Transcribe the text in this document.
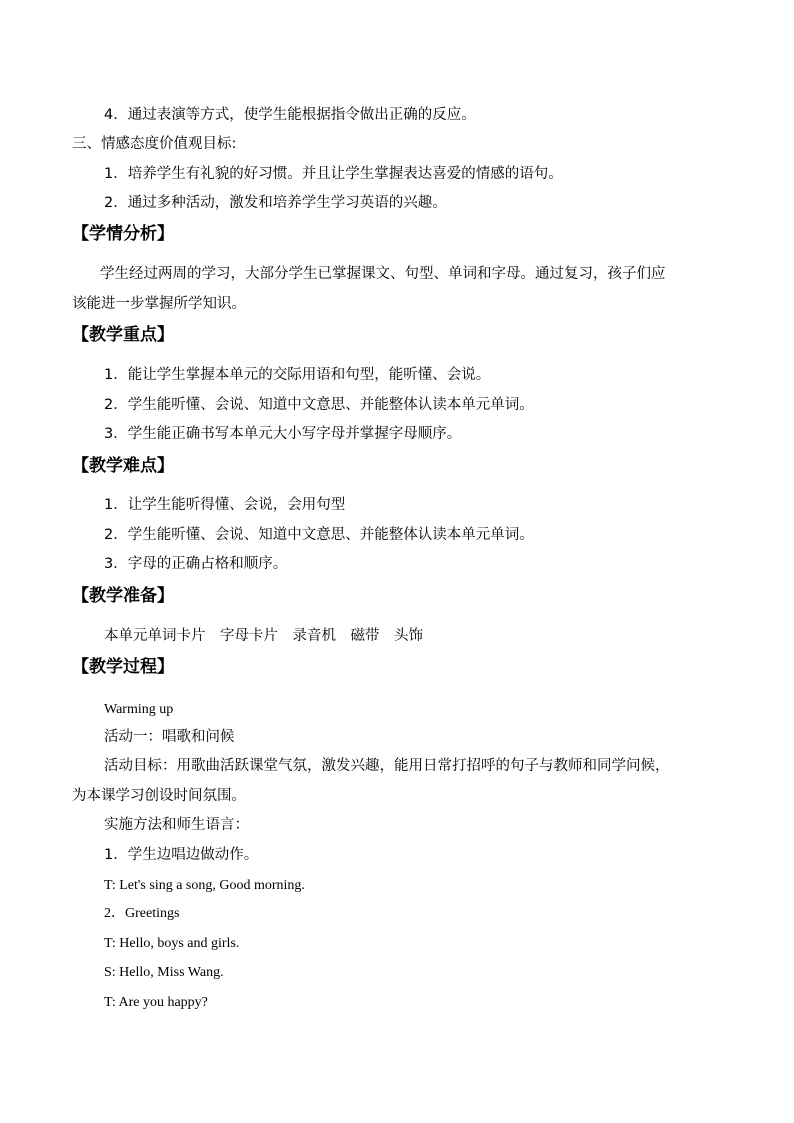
4．通过表演等方式，使学生能根据指令做出正确的反应。
三、情感态度价值观目标:
1．培养学生有礼貌的好习惯。并且让学生掌握表达喜爱的情感的语句。
2．通过多种活动，激发和培养学生学习英语的兴趣。
【学情分析】
学生经过两周的学习，大部分学生已掌握课文、句型、单词和字母。通过复习，孩子们应
该能进一步掌握所学知识。
【教学重点】
1．能让学生掌握本单元的交际用语和句型，能听懂、会说。
2．学生能听懂、会说、知道中文意思、并能整体认读本单元单词。
3．学生能正确书写本单元大小写字母并掌握字母顺序。
【教学难点】
1．让学生能听得懂、会说，会用句型
2．学生能听懂、会说、知道中文意思、并能整体认读本单元单词。
3．字母的正确占格和顺序。
【教学准备】
本单元单词卡片　字母卡片　录音机　磁带　头饰
【教学过程】
Warming up
活动一：唱歌和问候
活动目标：用歌曲活跃课堂气氛，激发兴趣，能用日常打招呼的句子与教师和同学问候，
为本课学习创设时间氛围。
实施方法和师生语言：
1．学生边唱边做动作。
T: Let's sing a song, Good morning.
2．Greetings
T: Hello, boys and girls.
S: Hello, Miss Wang.
T: Are you happy?
